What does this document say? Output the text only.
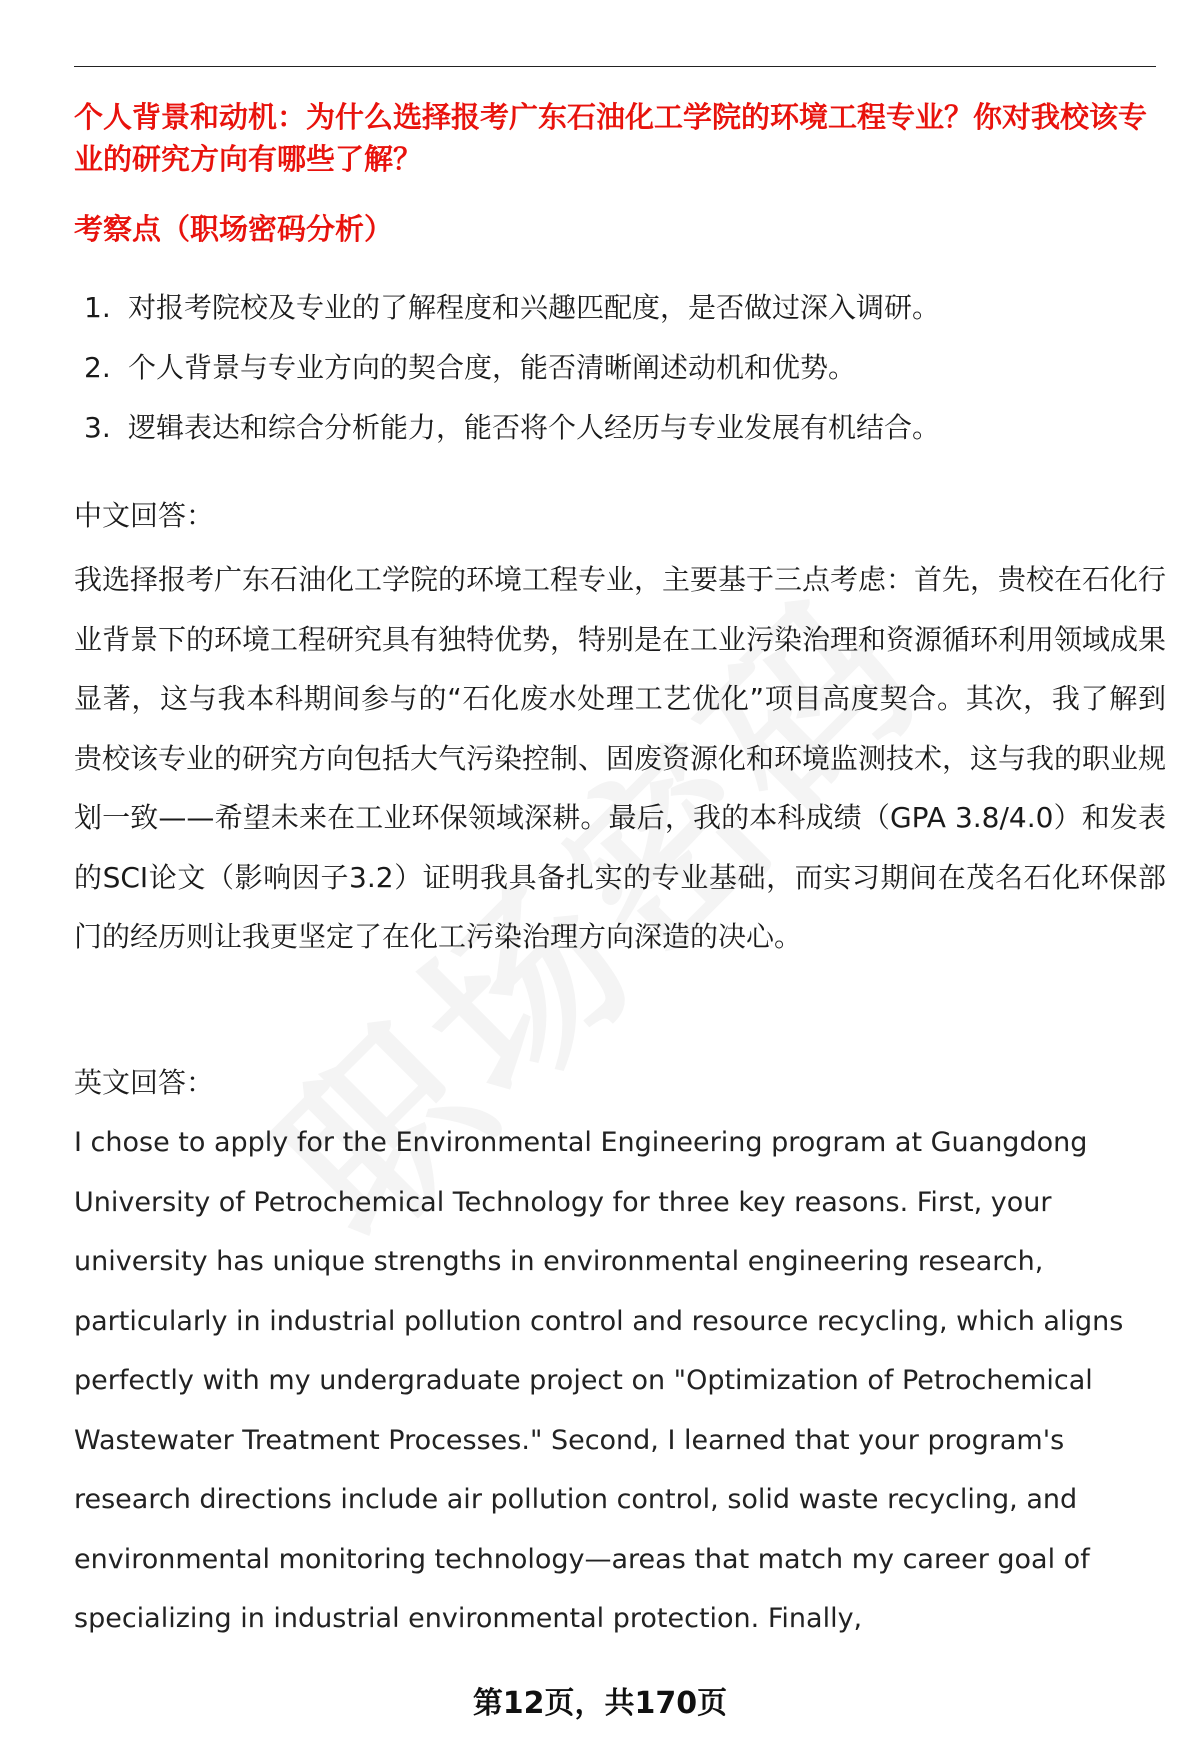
个人背景和动机：为什么选择报考广东石油化工学院的环境工程专业？你对我校该专业的研究方向有哪些了解？
考察点（职场密码分析）
1. 对报考院校及专业的了解程度和兴趣匹配度，是否做过深入调研。
2. 个人背景与专业方向的契合度，能否清晰阐述动机和优势。
3. 逻辑表达和综合分析能力，能否将个人经历与专业发展有机结合。
中文回答：

我选择报考广东石油化工学院的环境工程专业，主要基于三点考虑：首先，贵校在石化行业背景下的环境工程研究具有独特优势，特别是在工业污染治理和资源循环利用领域成果显著，这与我本科期间参与的“石化废水处理工艺优化”项目高度契合。其次，我了解到贵校该专业的研究方向包括大气污染控制、固废资源化和环境监测技术，这与我的职业规划一致——希望未来在工业环保领域深耕。最后，我的本科成绩（GPA 3.8/4.0）和发表的SCI论文（影响因子3.2）证明我具备扎实的专业基础，而实习期间在茂名石化环保部门的经历则让我更坚定了在化工污染治理方向深造的决心。

英文回答：

I chose to apply for the Environmental Engineering program at Guangdong University of Petrochemical Technology for three key reasons. First, your university has unique strengths in environmental engineering research, particularly in industrial pollution control and resource recycling, which aligns perfectly with my undergraduate project on "Optimization of Petrochemical Wastewater Treatment Processes." Second, I learned that your program's research directions include air pollution control, solid waste recycling, and environmental monitoring technology—areas that match my career goal of specializing in industrial environmental protection. Finally,

第12页，共170页
